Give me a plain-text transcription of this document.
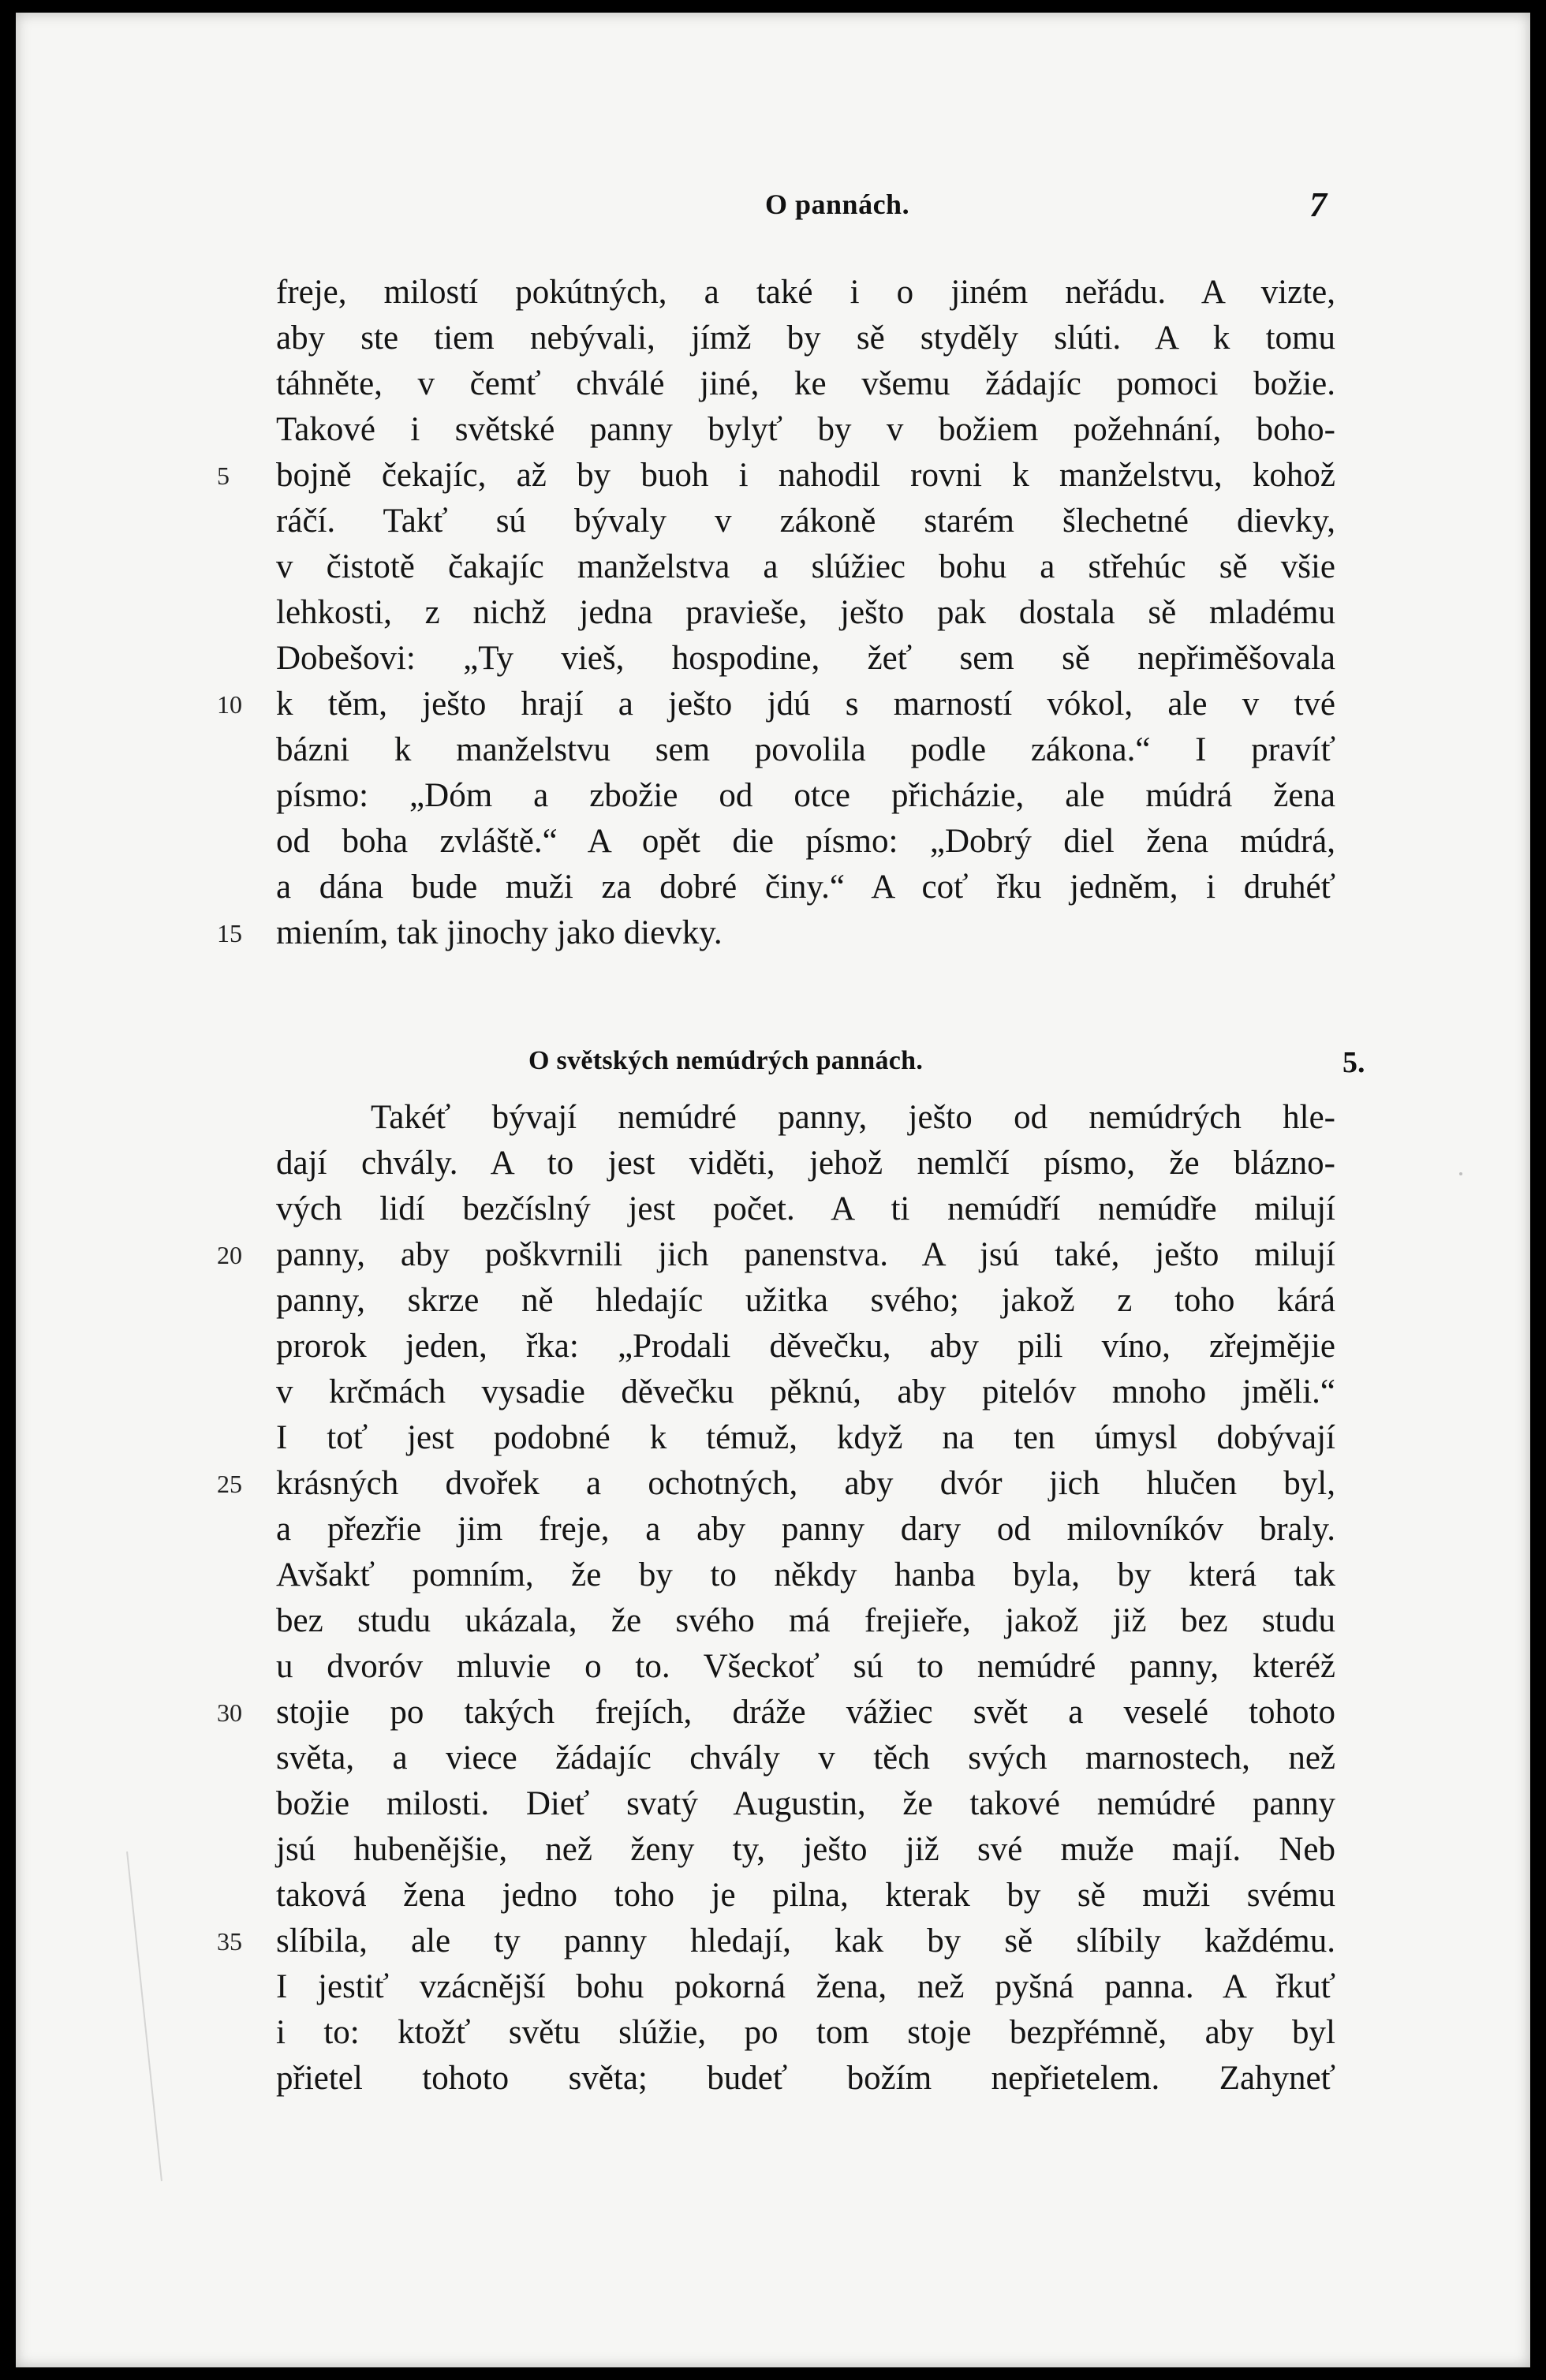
O pannách.	7
freje, milostí pokútných, a také i o jiném neřádu. A vizte,
aby ste tiem nebývali, jímž by sě styděly slúti. A k tomu
táhněte, v čemť chválé jiné, ke všemu žádajíc pomoci božie.
Takové i světské panny bylyť by v božiem požehnání, boho-
bojně čekajíc, až by buoh i nahodil rovni k manželstvu, kohož
ráčí. Takť sú bývaly v zákoně starém šlechetné dievky,
v čistotě čakajíc manželstva a slúžiec bohu a střehúc sě všie
lehkosti, z nichž jedna pravieše, ješto pak dostala sě mladému
Dobešovi: „Ty vieš, hospodine, žeť sem sě nepřiměšovala
k těm, ješto hrají a ješto jdú s marností vókol, ale v tvé
bázni k manželstvu sem povolila podle zákona.“ I pravíť
písmo: „Dóm a zbožie od otce přicházie, ale múdrá žena
od boha zvláště.“ A opět die písmo: „Dobrý diel žena múdrá,
a dána bude muži za dobré činy.“ A coť řku jedněm, i druhéť
miením, tak jinochy jako dievky.
O světských nemúdrých pannách.	5.
Takéť bývají nemúdré panny, ješto od nemúdrých hle-
dají chvály. A to jest viděti, jehož nemlčí písmo, že blázno-
vých lidí bezčíslný jest počet. A ti nemúdří nemúdře milují
panny, aby poškvrnili jich panenstva. A jsú také, ješto milují
panny, skrze ně hledajíc užitka svého; jakož z toho kárá
prorok jeden, řka: „Prodali děvečku, aby pili víno, zřejmějie
v krčmách vysadie děvečku pěknú, aby pitelóv mnoho jměli.“
I toť jest podobné k témuž, když na ten úmysl dobývají
krásných dvořek a ochotných, aby dvór jich hlučen byl,
a přezřie jim freje, a aby panny dary od milovníkóv braly.
Avšakť pomním, že by to někdy hanba byla, by která tak
bez studu ukázala, že svého má frejieře, jakož již bez studu
u dvoróv mluvie o to. Všeckoť sú to nemúdré panny, kteréž
stojie po takých frejích, dráže vážiec svět a veselé tohoto
světa, a viece žádajíc chvály v těch svých marnostech, než
božie milosti. Dieť svatý Augustin, že takové nemúdré panny
jsú hubenějšie, než ženy ty, ješto již své muže mají. Neb
taková žena jedno toho je pilna, kterak by sě muži svému
slíbila, ale ty panny hledají, kak by sě slíbily každému.
I jestiť vzácnější bohu pokorná žena, než pyšná panna. A řkuť
i to: ktožť světu slúžie, po tom stoje bezpřémně, aby byl
přietel tohoto světa; budeť božím nepřietelem. Zahyneť
5
10
15
20
25
30
35
